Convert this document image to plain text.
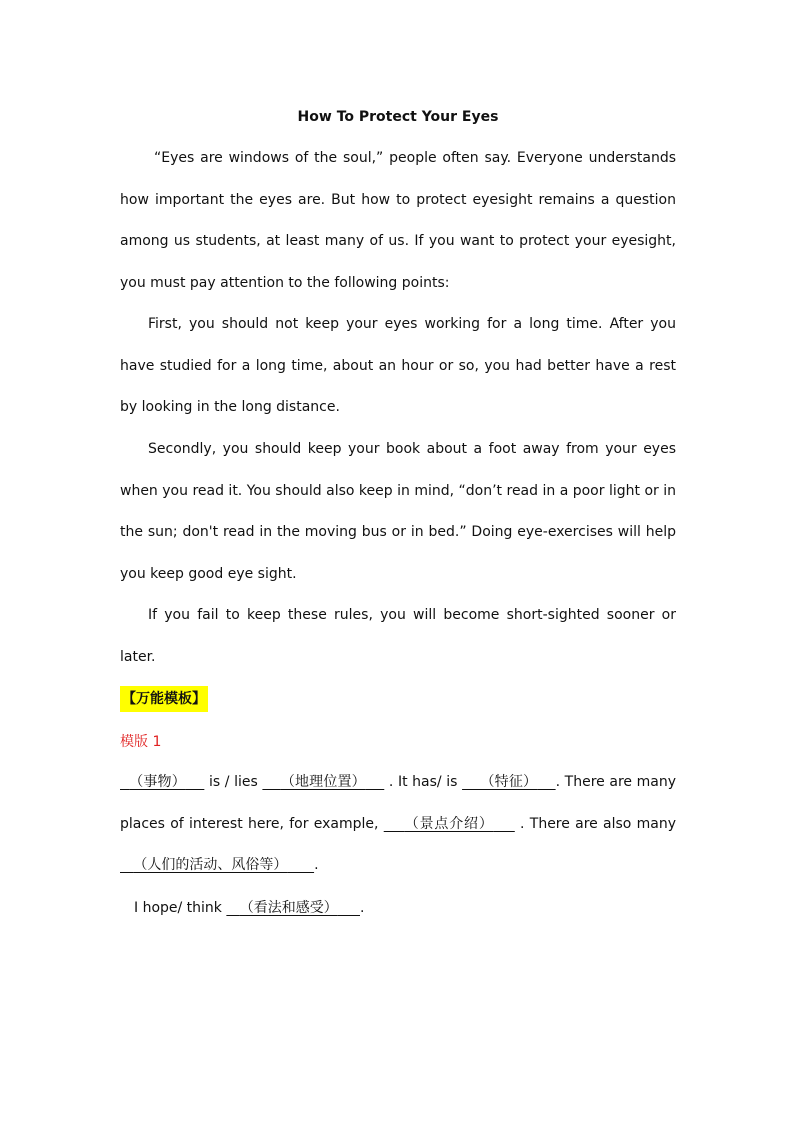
How To Protect Your Eyes
“Eyes are windows of the soul,” people often say. Everyone understands how important the eyes are. But how to protect eyesight remains a question among us students, at least many of us. If you want to protect your eyesight, you must pay attention to the following points:
First, you should not keep your eyes working for a long time. After you have studied for a long time, about an hour or so, you had better have a rest by looking in the long distance.
Secondly, you should keep your book about a foot away from your eyes when you read it. You should also keep in mind, “don’t read in a poor light or in the sun; don't read in the moving bus or in bed.” Doing eye-exercises will help you keep good eye sight.
If you fail to keep these rules, you will become short-sighted sooner or later.
【万能模板】
模版 1
（事物）     is / lies     （地理位置）     . It has/ is     （特征） . There are many places of interest here, for example,     （景点介绍）     . There are also many    （人们的活动、风俗等） .
I hope/ think    （看法和感受） .
